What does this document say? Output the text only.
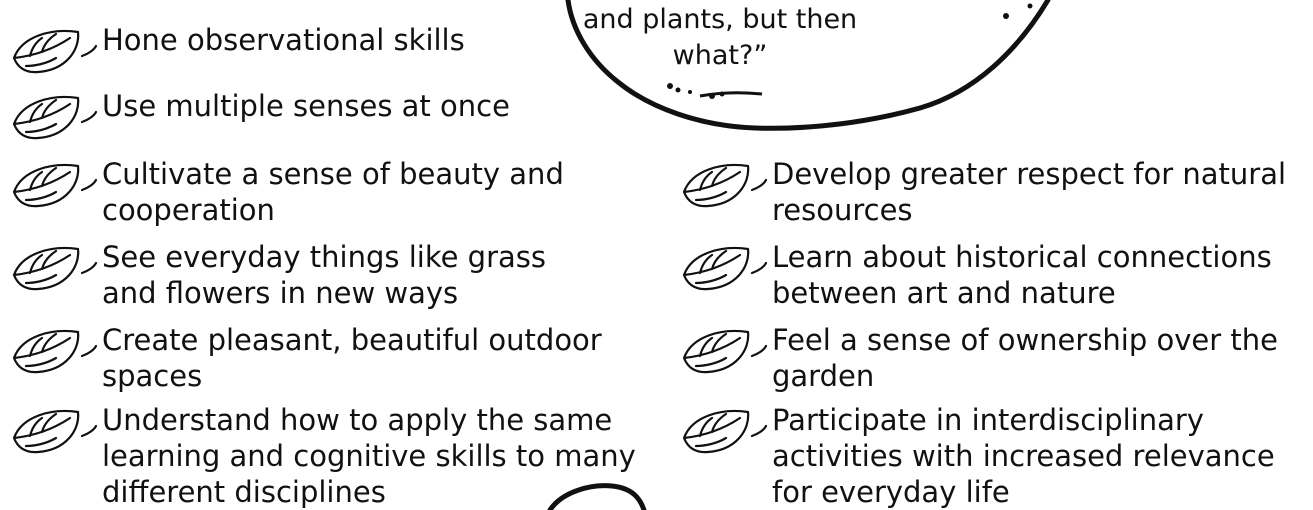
and plants, but then
what?”

Hone observational skills
Use multiple senses at once
Cultivate a sense of beauty and
cooperation
See everyday things like grass
and flowers in new ways
Create pleasant, beautiful outdoor
spaces
Understand how to apply the same
learning and cognitive skills to many
different disciplines
Develop greater respect for natural
resources
Learn about historical connections
between art and nature
Feel a sense of ownership over the
garden
Participate in interdisciplinary
activities with increased relevance
for everyday life
